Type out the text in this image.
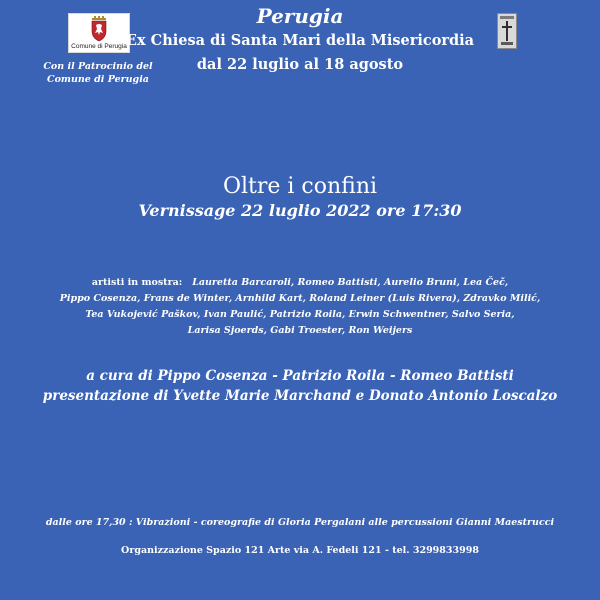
Comune di Perugia
Con il Patrocinio del
Comune di Perugia
Perugia
Ex Chiesa di Santa Mari della Misericordia
dal 22 luglio al 18 agosto
Oltre i confini
Vernissage 22 luglio 2022 ore 17:30
artisti in mostra: Lauretta Barcaroli, Romeo Battisti, Aurelio Bruni, Lea Čeč,
Pippo Cosenza, Frans de Winter, Arnhild Kart, Roland Leiner (Luis Rivera), Zdravko Milić,
Tea Vukojević Paškov, Ivan Paulić, Patrizio Roila, Erwin Schwentner, Salvo Seria,
Larisa Sjoerds, Gabi Troester, Ron Weijers
a cura di Pippo Cosenza - Patrizio Roila - Romeo Battisti
presentazione di Yvette Marie Marchand e Donato Antonio Loscalzo
dalle ore 17,30 : Vibrazioni - coreografie di Gloria Pergalani alle percussioni Gianni Maestrucci
Organizzazione Spazio 121 Arte via A. Fedeli 121 - tel. 3299833998
